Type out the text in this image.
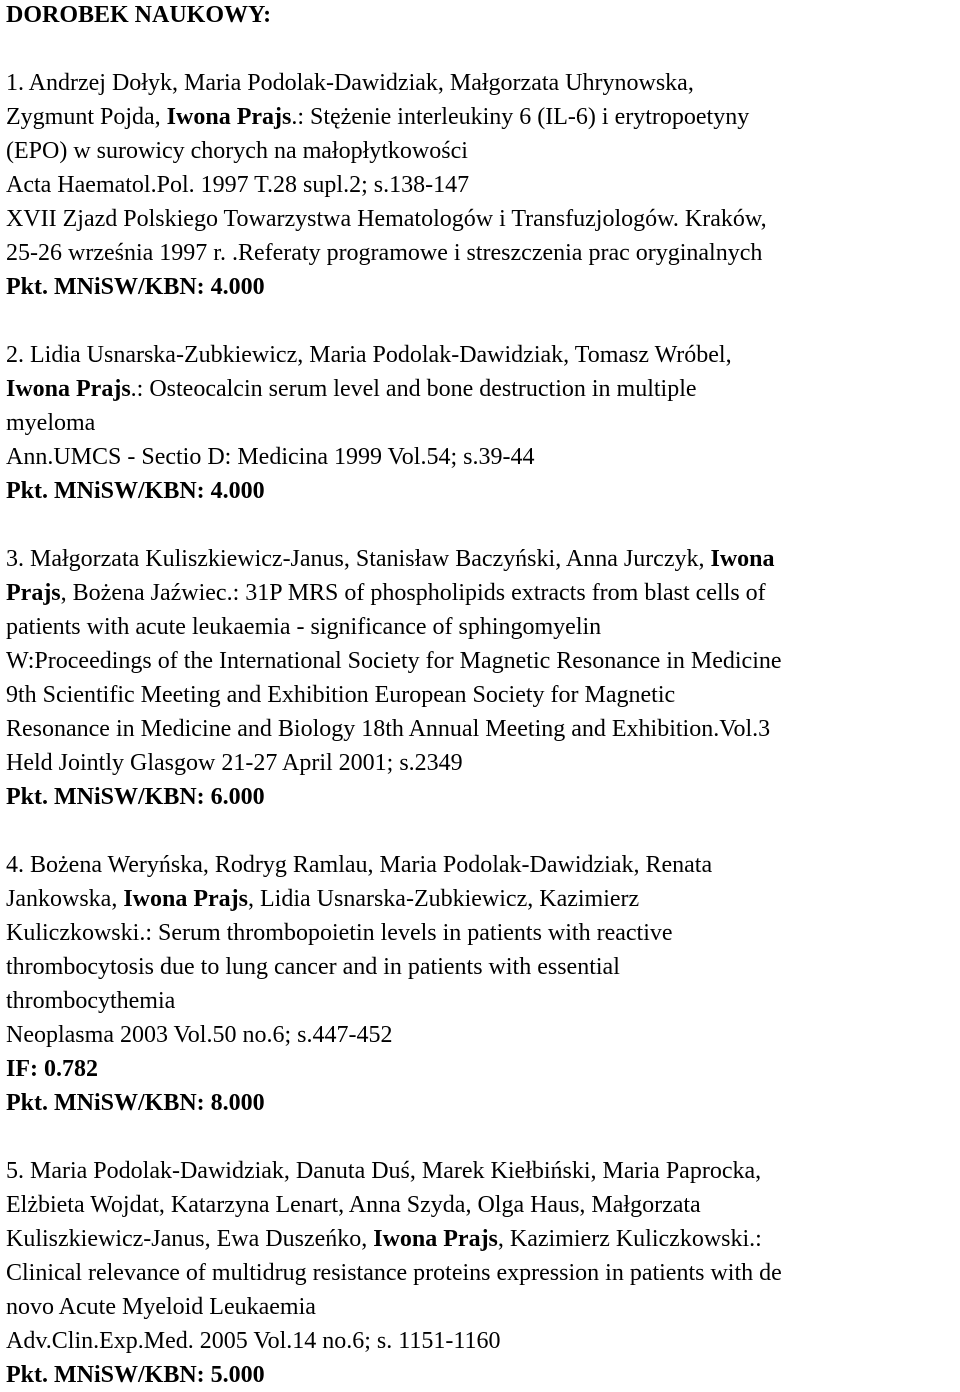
DOROBEK NAUKOWY:
1. Andrzej Dołyk, Maria Podolak-Dawidziak, Małgorzata Uhrynowska,
Zygmunt Pojda, Iwona Prajs.: Stężenie interleukiny 6 (IL-6) i erytropoetyny
(EPO) w surowicy chorych na małopłytkowości
Acta Haematol.Pol. 1997 T.28 supl.2; s.138-147
XVII Zjazd Polskiego Towarzystwa Hematologów i Transfuzjologów. Kraków,
25-26 września 1997 r. .Referaty programowe i streszczenia prac oryginalnych
Pkt. MNiSW/KBN: 4.000
2. Lidia Usnarska-Zubkiewicz, Maria Podolak-Dawidziak, Tomasz Wróbel,
Iwona Prajs.: Osteocalcin serum level and bone destruction in multiple
myeloma
Ann.UMCS - Sectio D: Medicina 1999 Vol.54; s.39-44
Pkt. MNiSW/KBN: 4.000
3. Małgorzata Kuliszkiewicz-Janus, Stanisław Baczyński, Anna Jurczyk, Iwona
Prajs, Bożena Jaźwiec.: 31P MRS of phospholipids extracts from blast cells of
patients with acute leukaemia - significance of sphingomyelin
W:Proceedings of the International Society for Magnetic Resonance in Medicine
9th Scientific Meeting and Exhibition European Society for Magnetic
Resonance in Medicine and Biology 18th Annual Meeting and Exhibition.Vol.3
Held Jointly Glasgow 21-27 April 2001; s.2349
Pkt. MNiSW/KBN: 6.000
4. Bożena Weryńska, Rodryg Ramlau, Maria Podolak-Dawidziak, Renata
Jankowska, Iwona Prajs, Lidia Usnarska-Zubkiewicz, Kazimierz
Kuliczkowski.: Serum thrombopoietin levels in patients with reactive
thrombocytosis due to lung cancer and in patients with essential
thrombocythemia
Neoplasma 2003 Vol.50 no.6; s.447-452
IF: 0.782
Pkt. MNiSW/KBN: 8.000
5. Maria Podolak-Dawidziak, Danuta Duś, Marek Kiełbiński, Maria Paprocka,
Elżbieta Wojdat, Katarzyna Lenart, Anna Szyda, Olga Haus, Małgorzata
Kuliszkiewicz-Janus, Ewa Duszeńko, Iwona Prajs, Kazimierz Kuliczkowski.:
Clinical relevance of multidrug resistance proteins expression in patients with de
novo Acute Myeloid Leukaemia
Adv.Clin.Exp.Med. 2005 Vol.14 no.6; s. 1151-1160
Pkt. MNiSW/KBN: 5.000
